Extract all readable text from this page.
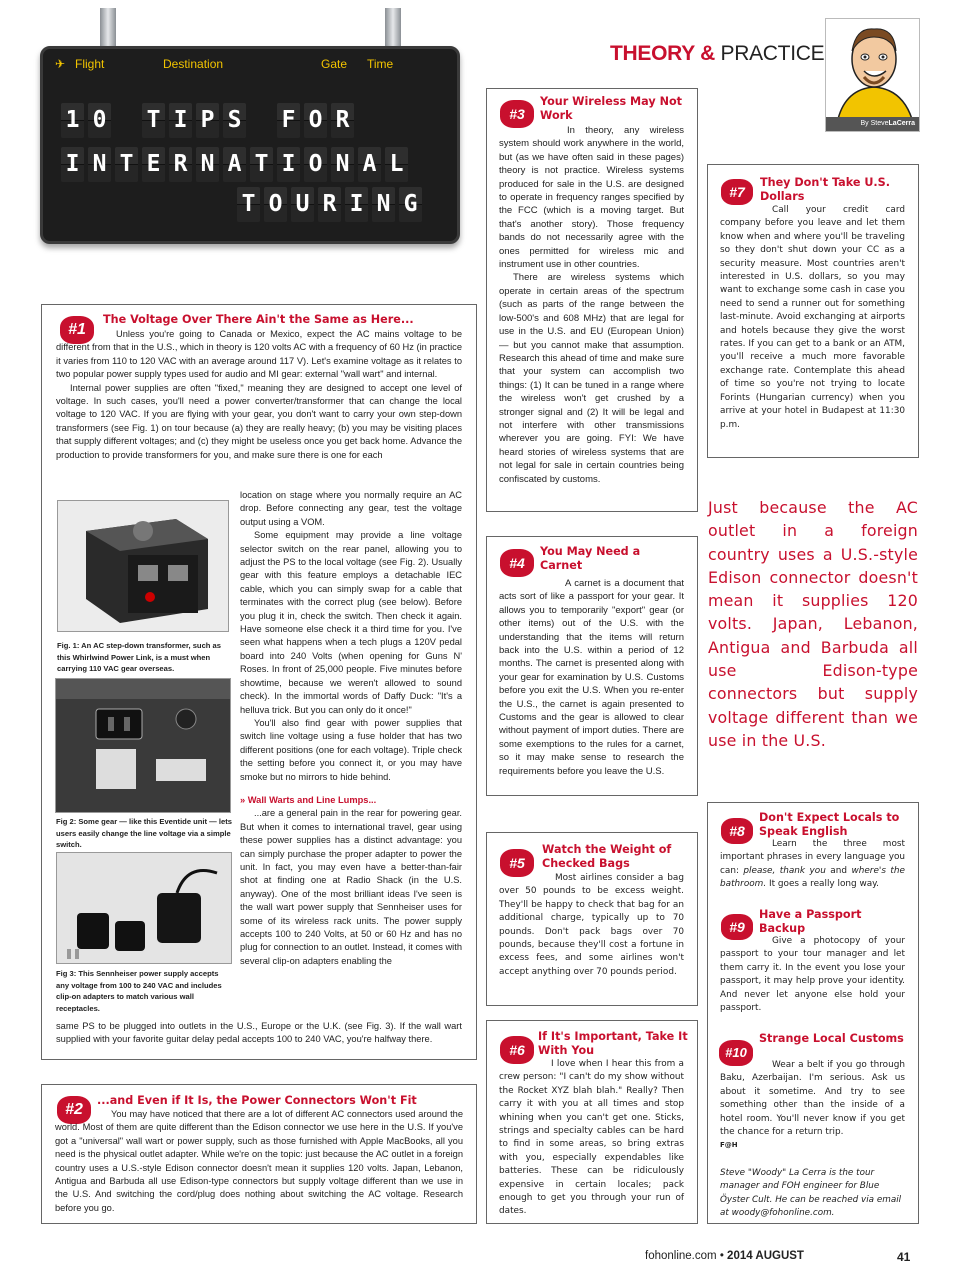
✈ Flight	Destination	Gate Time
1 0 T I P S F O R
I N T E R N A T I O N A L
T O U R I N G
THEORY & PRACTICE
By SteveLaCerra
#1
The Voltage Over There Ain't the Same as Here...

Unless you're going to Canada or Mexico, expect the AC mains voltage to be different from that in the U.S., which in theory is 120 volts AC with a frequency of 60 Hz (in practice it varies from 110 to 120 VAC with an average around 117 V). Let's examine voltage as it relates to two popular power supply types used for audio and MI gear: external "wall wart" and internal.

Internal power supplies are often "fixed," meaning they are designed to accept one level of voltage. In such cases, you'll need a power converter/transformer that can change the local voltage to 120 VAC. If you are flying with your gear, you don't want to carry your own step-down transformers (see Fig. 1) on tour because (a) they are really heavy; (b) you may be visiting places that supply different voltages; and (c) they might be useless once you get back home. Advance the production to provide transformers for you, and make sure there is one for each

Fig. 1: An AC step-down transformer, such as this Whirlwind Power Link, is a must when carrying 110 VAC gear overseas.
Fig 2: Some gear — like this Eventide unit — lets users easily change the line voltage via a simple switch.
Fig 3: This Sennheiser power supply accepts any voltage from 100 to 240 VAC and includes clip-on adapters to match various wall receptacles.

location on stage where you normally require an AC drop. Before connecting any gear, test the voltage output using a VOM.

Some equipment may provide a line voltage selector switch on the rear panel, allowing you to adjust the PS to the local voltage (see Fig. 2). Usually gear with this feature employs a detachable IEC cable, which you can simply swap for a cable that terminates with the correct plug (see below). Before you plug it in, check the switch. Then check it again. Have someone else check it a third time for you. I've seen what happens when a tech plugs a 120V pedal board into 240 Volts (when opening for Guns N' Roses. In front of 25,000 people. Five minutes before showtime, because we weren't allowed to sound check). In the immortal words of Daffy Duck: "It's a helluva trick. But you can only do it once!"

You'll also find gear with power supplies that switch line voltage using a fuse holder that has two different positions (one for each voltage). Triple check the setting before you connect it, or you may have smoke but no mirrors to hide behind.

» Wall Warts and Line Lumps...

...are a general pain in the rear for powering gear. But when it comes to international travel, gear using these power supplies has a distinct advantage: you can simply purchase the proper adapter to power the unit. In fact, you may even have a better-than-fair shot at finding one at Radio Shack (in the U.S. anyway). One of the most brilliant ideas I've seen is the wall wart power supply that Sennheiser uses for some of its wireless rack units. The power supply accepts 100 to 240 Volts, at 50 or 60 Hz and has no plug for connection to an outlet. Instead, it comes with several clip-on adapters enabling the

same PS to be plugged into outlets in the U.S., Europe or the U.K. (see Fig. 3). If the wall wart supplied with your favorite guitar delay pedal accepts 100 to 240 VAC, you're halfway there.
#2
...and Even if It Is, the Power Connectors Won't Fit

You may have noticed that there are a lot of different AC connectors used around the world. Most of them are quite different than the Edison connector we use here in the U.S. If you've got a "universal" wall wart or power supply, such as those furnished with Apple MacBooks, all you need is the physical outlet adapter. While we're on the topic: just because the AC outlet in a foreign country uses a U.S.-style Edison connector doesn't mean it supplies 120 volts. Japan, Lebanon, Antigua and Barbuda all use Edison-type connectors but supply voltage different than we use in the U.S. And switching the cord/plug does nothing about switching the AC voltage. Research before you go.

#3
Your Wireless May Not Work

In theory, any wireless system should work anywhere in the world, but (as we have often said in these pages) theory is not practice. Wireless systems produced for sale in the U.S. are designed to operate in frequency ranges specified by the FCC (which is a moving target. But that's another story). Those frequency bands do not necessarily agree with the ones permitted for wireless mic and instrument use in other countries.

There are wireless systems which operate in certain areas of the spectrum (such as parts of the range between the low-500's and 608 MHz) that are legal for use in the U.S. and EU (European Union) — but you cannot make that assumption. Research this ahead of time and make sure that your system can accomplish two things: (1) It can be tuned in a range where the wireless won't get crushed by a stronger signal and (2) It will be legal and not interfere with other transmissions wherever you are going. FYI: We have heard stories of wireless systems that are not legal for sale in certain countries being confiscated by customs.

#4
You May Need a Carnet

A carnet is a document that acts sort of like a passport for your gear. It allows you to temporarily "export" gear (or other items) out of the U.S. with the understanding that the items will return back into the U.S. within a period of 12 months. The carnet is presented along with your gear for examination by U.S. Customs before you exit the U.S. When you re-enter the U.S., the carnet is again presented to Customs and the gear is allowed to clear without payment of import duties. There are some exemptions to the rules for a carnet, so it may make sense to research the requirements before you leave the U.S.

#5
Watch the Weight of Checked Bags

Most airlines consider a bag over 50 pounds to be excess weight. They'll be happy to check that bag for an additional charge, typically up to 70 pounds. Don't pack bags over 70 pounds, because they'll cost a fortune in excess fees, and some airlines won't accept anything over 70 pounds period.

#6
If It's Important, Take It With You

I love when I hear this from a crew person: "I can't do my show without the Rocket XYZ blah blah." Really? Then carry it with you at all times and stop whining when you can't get one. Sticks, strings and specialty cables can be hard to find in some areas, so bring extras with you, especially expendables like batteries. These can be ridiculously expensive in certain locales; pack enough to get you through your run of dates.

#7
They Don't Take U.S. Dollars

Call your credit card company before you leave and let them know when and where you'll be traveling so they don't shut down your CC as a security measure. Most countries aren't interested in U.S. dollars, so you may want to exchange some cash in case you need to send a runner out for something last-minute. Avoid exchanging at airports and hotels because they give the worst rates. If you can get to a bank or an ATM, you'll receive a much more favorable exchange rate. Contemplate this ahead of time so you're not trying to locate Forints (Hungarian currency) when you arrive at your hotel in Budapest at 11:30 p.m.

Just because the AC outlet in a foreign country uses a U.S.-style Edison connector doesn't mean it supplies 120 volts. Japan, Lebanon, Antigua and Barbuda all use Edison-type connectors but supply voltage different than we use in the U.S.
#8
Don't Expect Locals to Speak English

Learn the three most important phrases in every language you can: please, thank you and where's the bathroom. It goes a really long way.

#9
Have a Passport Backup

Give a photocopy of your passport to your tour manager and let them carry it. In the event you lose your passport, it may help prove your identity. And never let anyone else hold your passport.

#10
Strange Local Customs

Wear a belt if you go through Baku, Azerbaijan. I'm serious. Ask us about it sometime. And try to see something other than the inside of a hotel room. You'll never know if you get the chance for a return trip.

F@H

Steve "Woody" La Cerra is the tour manager and FOH engineer for Blue Öyster Cult. He can be reached via email at woody@fohonline.com.
fohonline.com • 2014 AUGUST	41
